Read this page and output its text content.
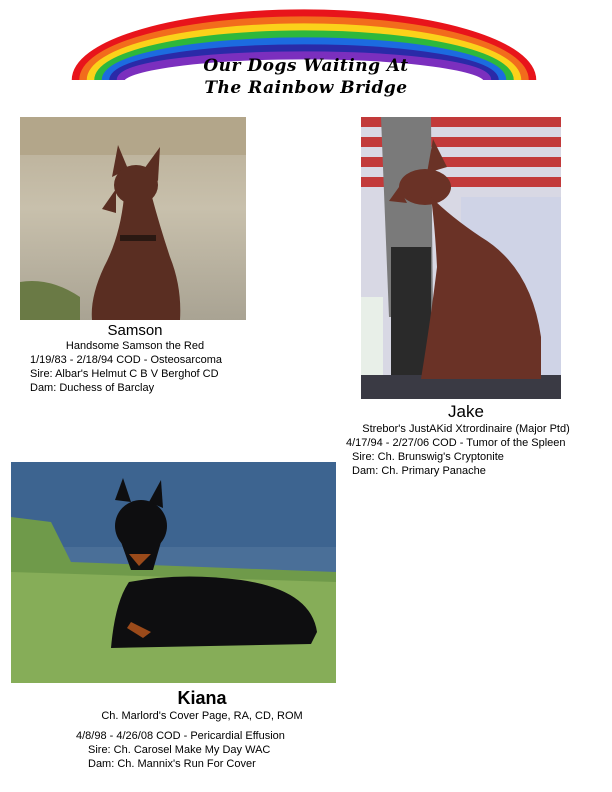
Our Dogs Waiting At
The Rainbow Bridge
Samson
Handsome Samson the Red
1/19/83 - 2/18/94 COD - Osteosarcoma
Sire: Albar's Helmut C B V Berghof CD
Dam: Duchess of Barclay
Jake
Strebor's JustAKid Xtrordinaire (Major Ptd)
4/17/94 - 2/27/06 COD - Tumor of the Spleen
Sire: Ch. Brunswig's Cryptonite
Dam: Ch. Primary Panache
Kiana
Ch. Marlord's Cover Page, RA, CD, ROM
4/8/98 - 4/26/08 COD - Pericardial Effusion
Sire: Ch. Carosel Make My Day WAC
Dam: Ch. Mannix's Run For Cover
